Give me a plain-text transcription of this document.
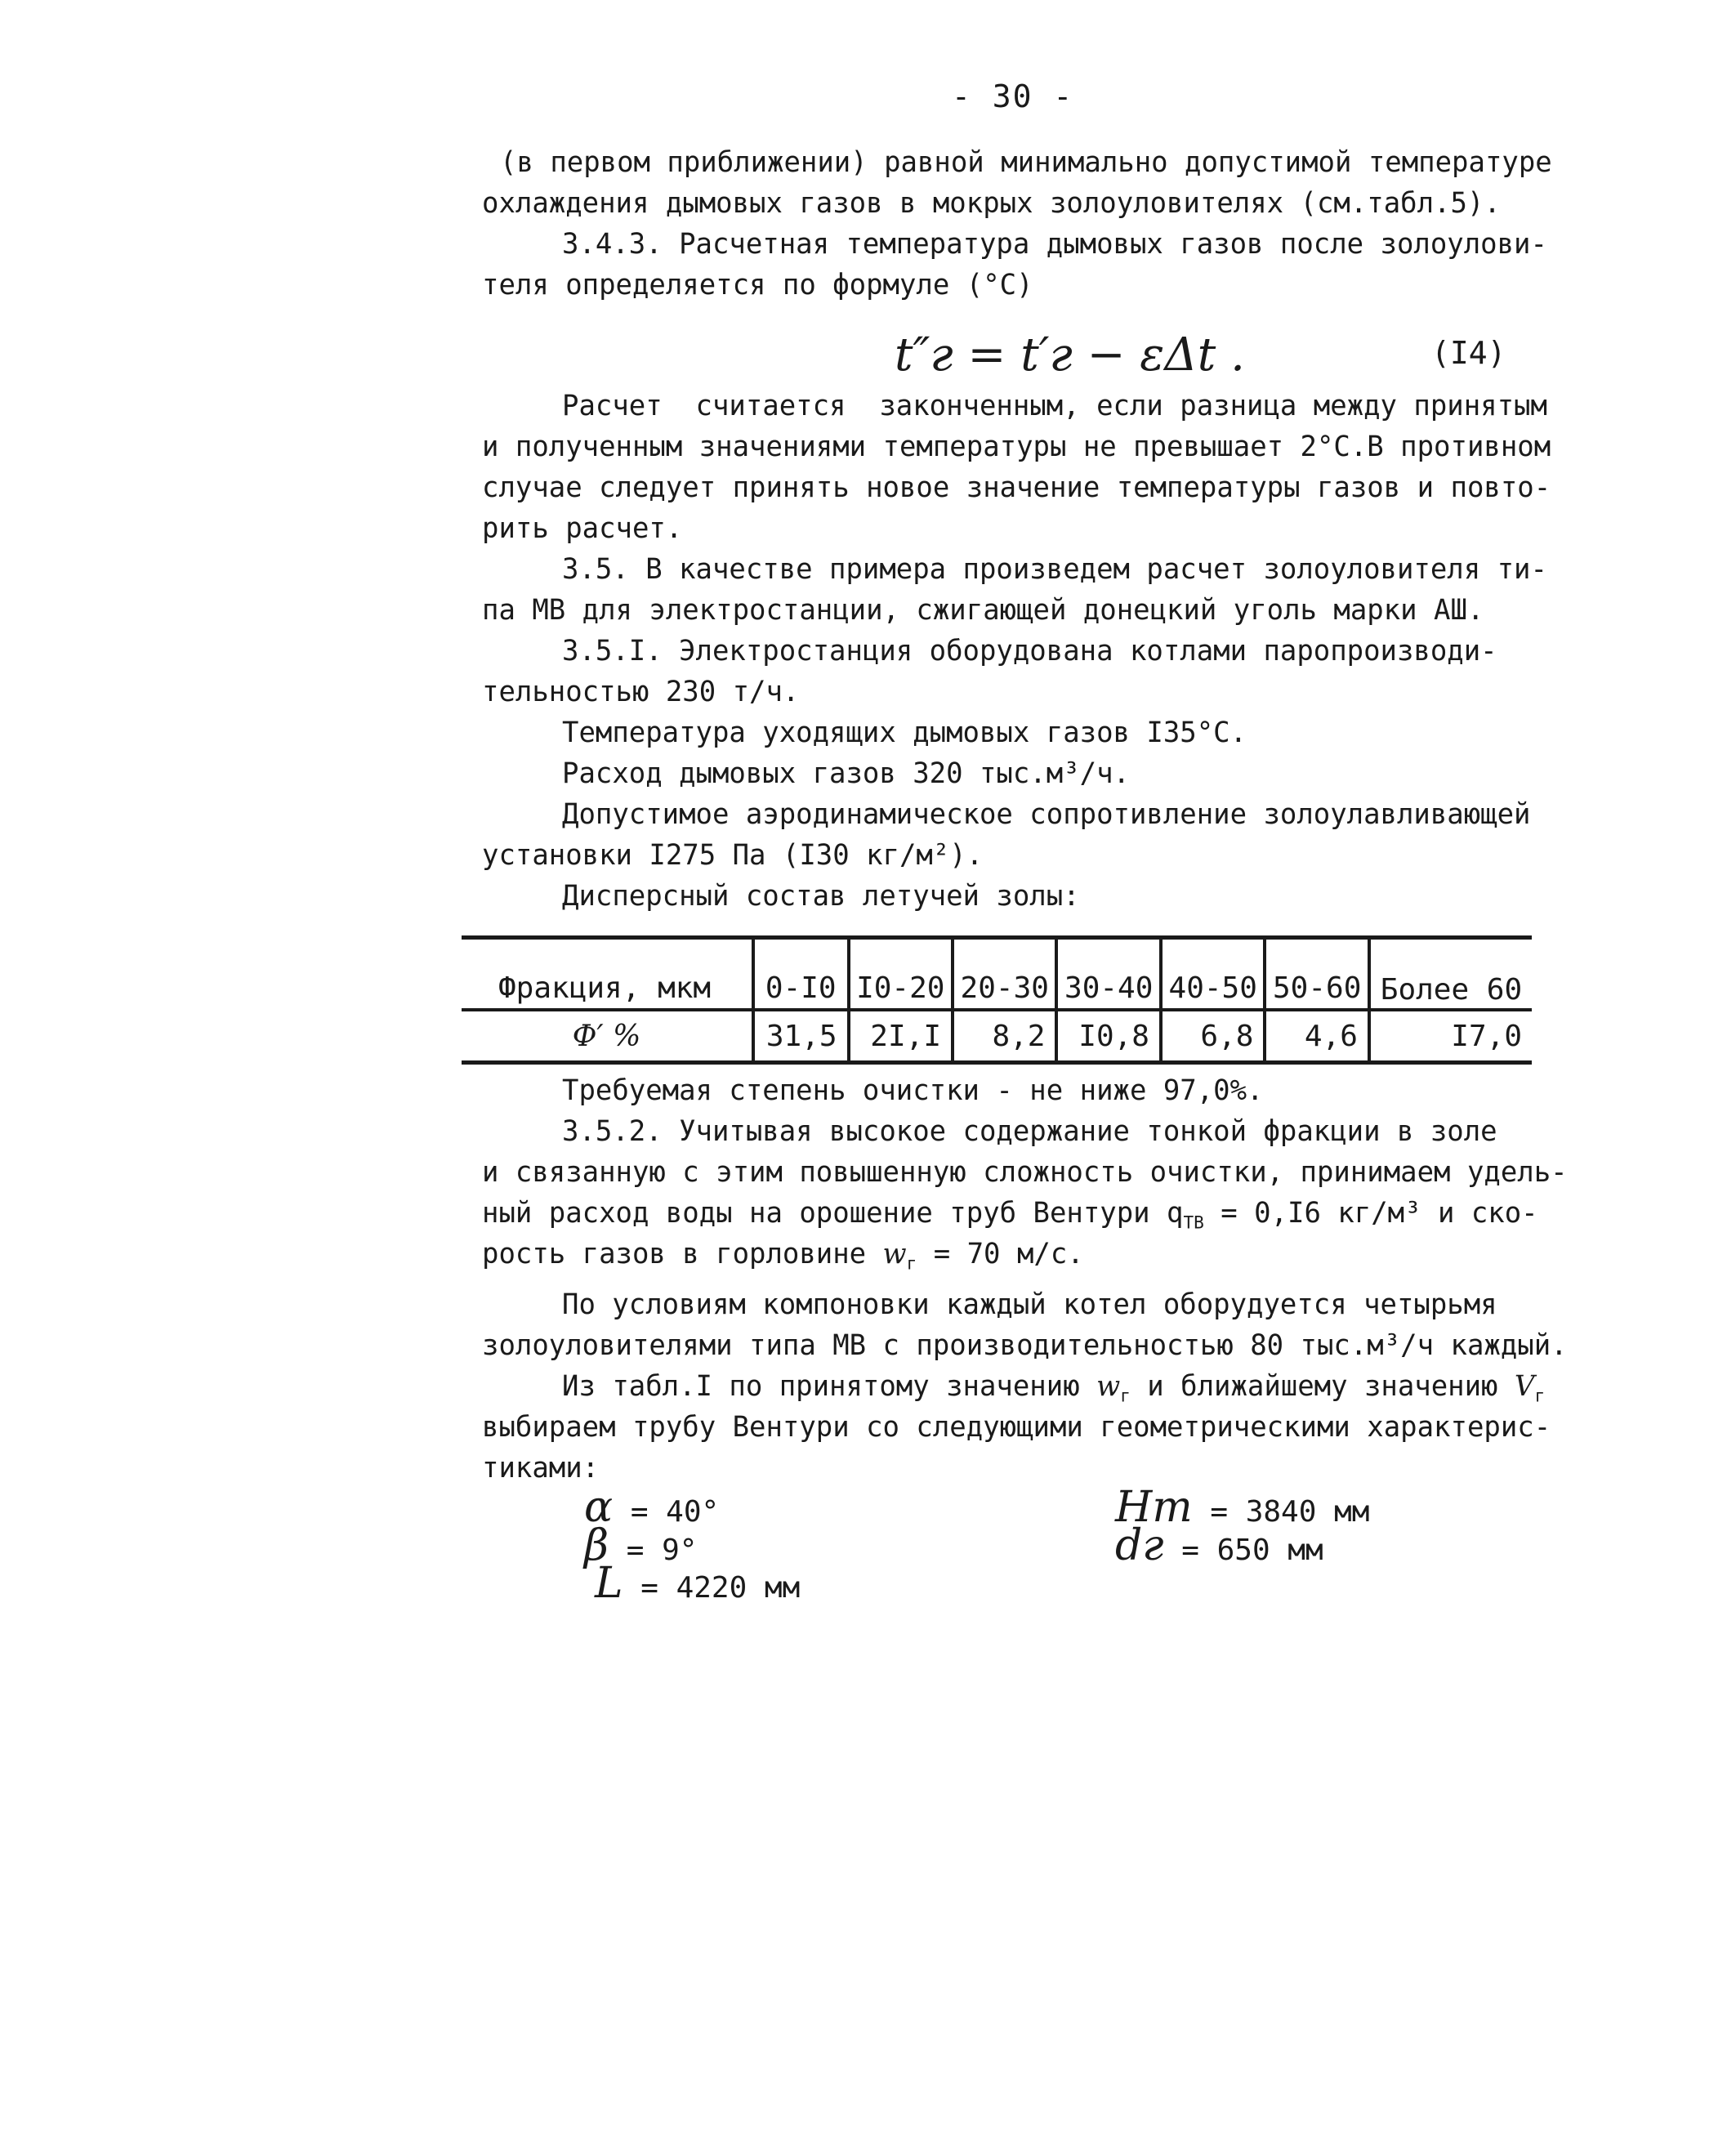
- 30 -
(в первом приближении) равной минимально допустимой температуре
охлаждения дымовых газов в мокрых золоуловителях (см.табл.5).
3.4.3. Расчетная температура дымовых газов после золоулови-
теля определяется по формуле (°С)
t″г = t′г − εΔt .	(I4)
Расчет  считается  законченным, если разница между принятым
и полученным значениями температуры не превышает 2°С.В противном
случае следует принять новое значение температуры газов и повто-
рить расчет.
3.5. В качестве примера произведем расчет золоуловителя ти-
па МВ для электростанции, сжигающей донецкий уголь марки АШ.
3.5.I. Электростанция оборудована котлами паропроизводи-
тельностью 230 т/ч.
Температура уходящих дымовых газов I35°С.
Расход дымовых газов 320 тыс.м³/ч.
Допустимое аэродинамическое сопротивление золоулавливающей
установки I275 Па (I30 кг/м²).
Дисперсный состав летучей золы:
Фракция, мкм	0-I0	I0-20	20-30	30-40	40-50	50-60	Более 60
Ф′ %	31,5	2I,I	8,2	I0,8	6,8	4,6	I7,0
Требуемая степень очистки - не ниже 97,0%.
3.5.2. Учитывая высокое содержание тонкой фракции в золе
и связанную с этим повышенную сложность очистки, принимаем удель-
ный расход воды на орошение труб Вентури $q_{ТВ} = 0,I6$ кг/м³ и ско-
рость газов в горловине $w_г = 70$ м/с.
По условиям компоновки каждый котел оборудуется четырьмя
золоуловителями типа МВ с производительностью 80 тыс.м³/ч каждый.
Из табл.I по принятому значению $w_г$ и ближайшему значению $V_г$
выбираем трубу Вентури со следующими геометрическими характерис-
тиками:
α = 40°
β = 9°
L = 4220 мм
Hт = 3840 мм
dг = 650 мм
